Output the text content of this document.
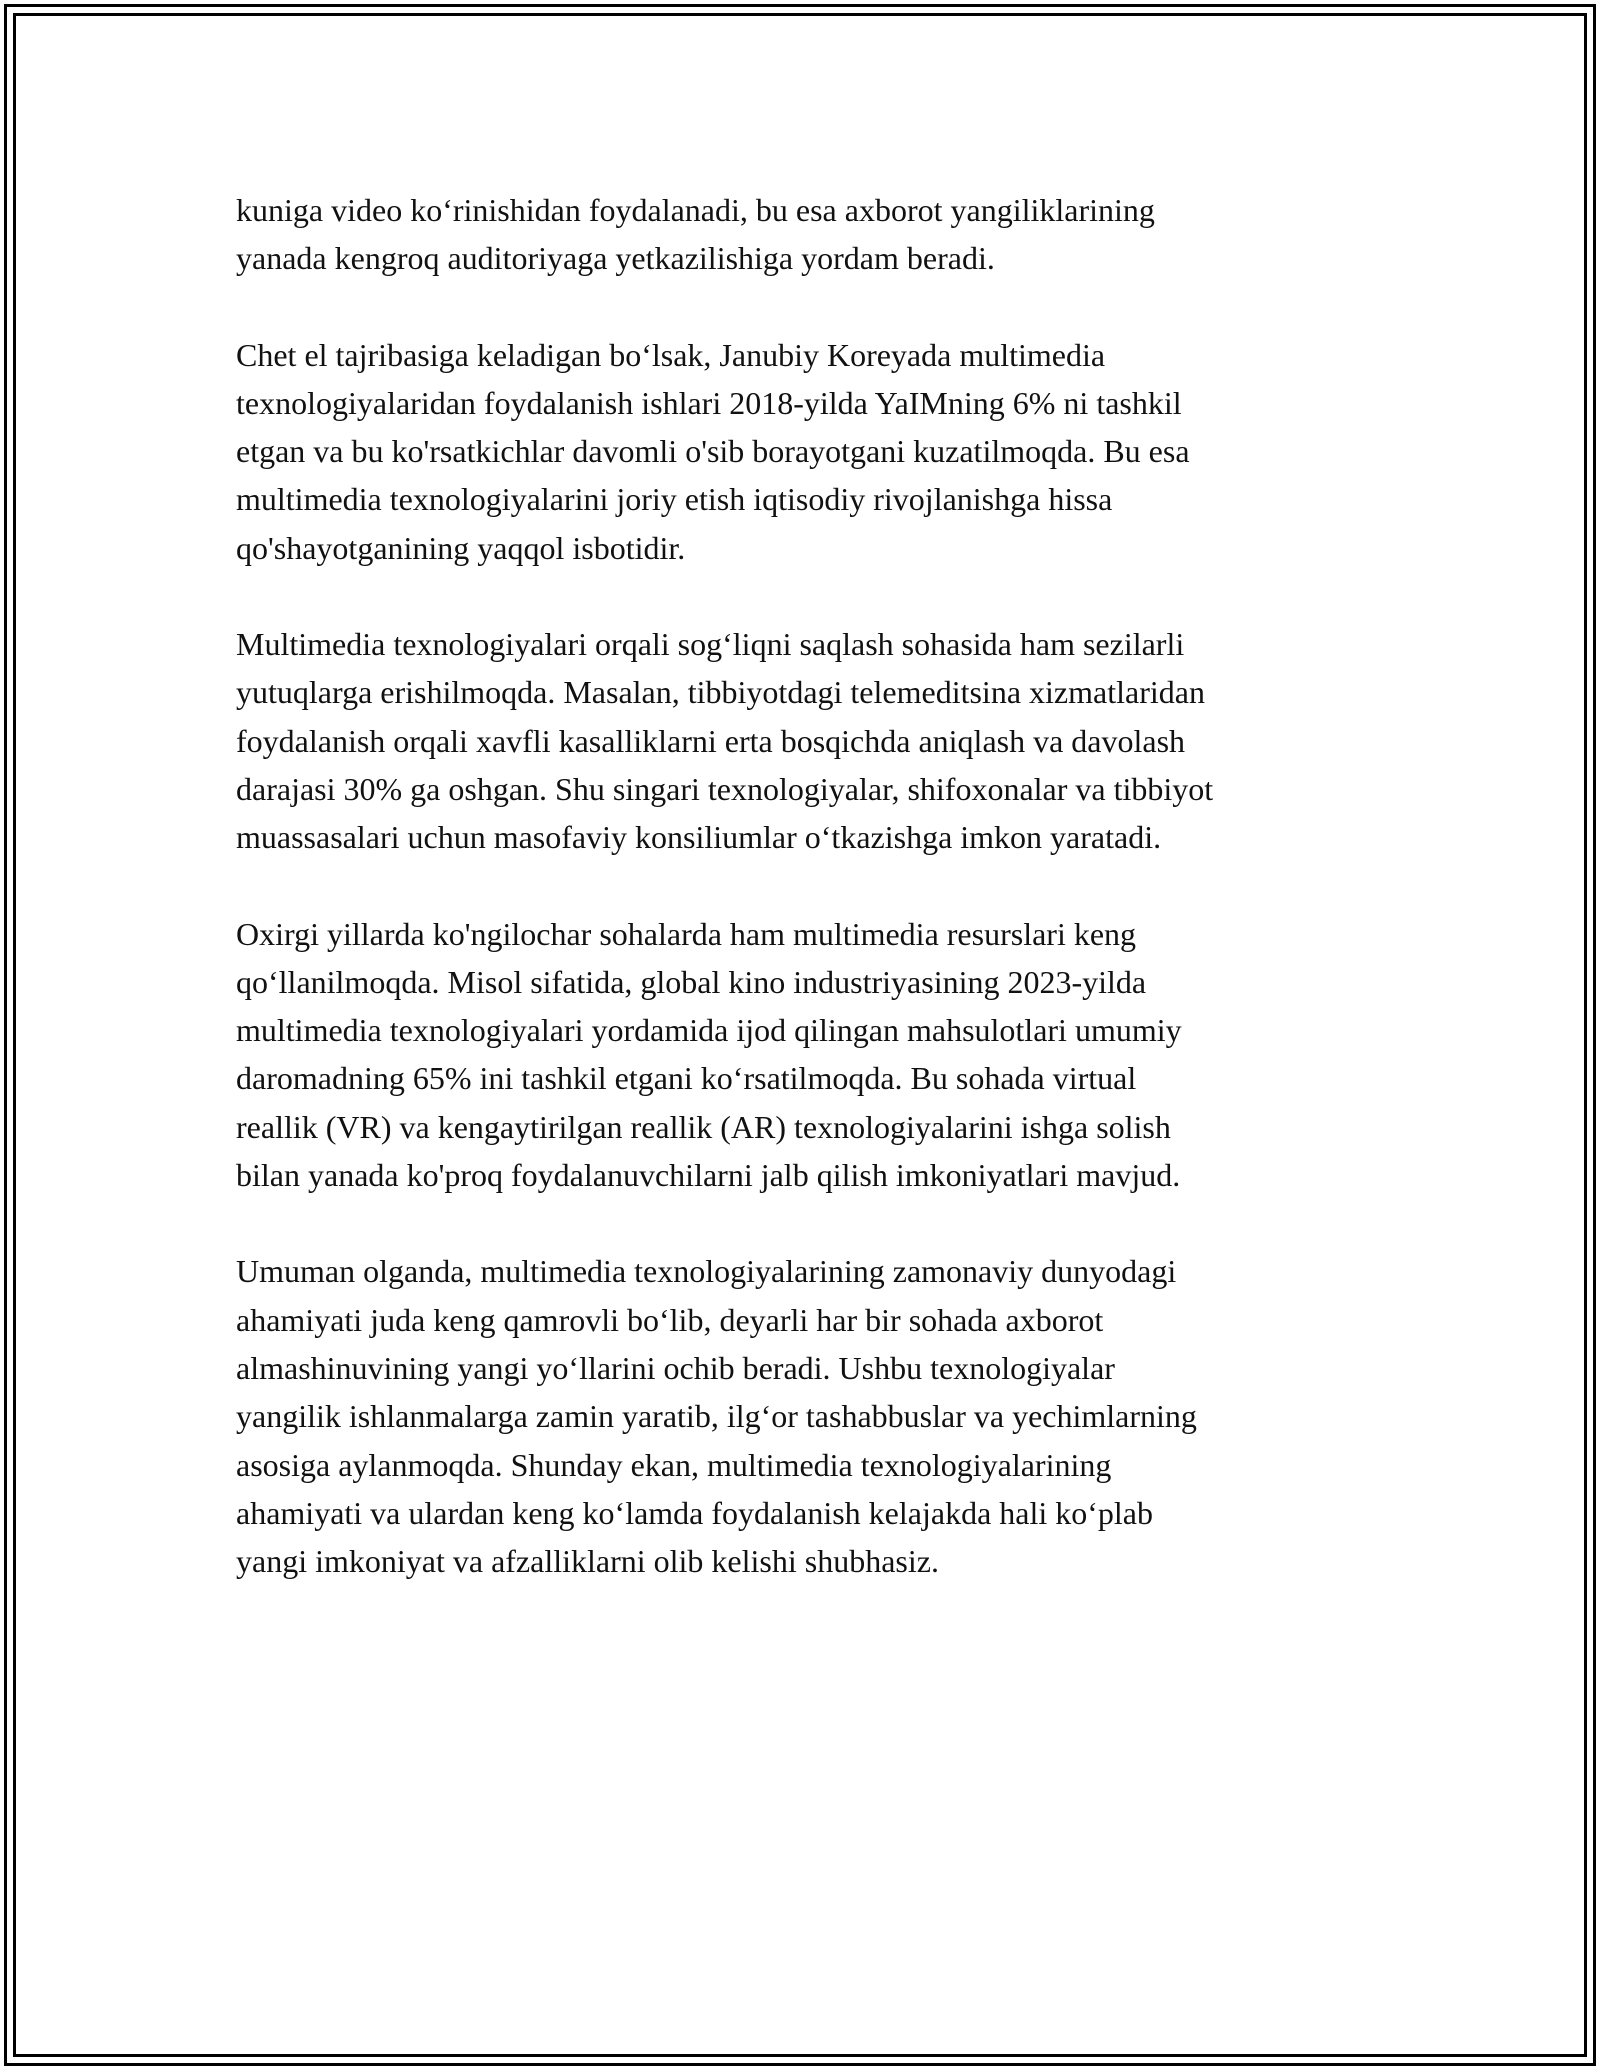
kuniga video ko‘rinishidan foydalanadi, bu esa axborot yangiliklarining
yanada kengroq auditoriyaga yetkazilishiga yordam beradi.

Chet el tajribasiga keladigan bo‘lsak, Janubiy Koreyada multimedia
texnologiyalaridan foydalanish ishlari 2018-yilda YaIMning 6% ni tashkil
etgan va bu ko'rsatkichlar davomli o'sib borayotgani kuzatilmoqda. Bu esa
multimedia texnologiyalarini joriy etish iqtisodiy rivojlanishga hissa
qo'shayotganining yaqqol isbotidir.

Multimedia texnologiyalari orqali sog‘liqni saqlash sohasida ham sezilarli
yutuqlarga erishilmoqda. Masalan, tibbiyotdagi telemeditsina xizmatlaridan
foydalanish orqali xavfli kasalliklarni erta bosqichda aniqlash va davolash
darajasi 30% ga oshgan. Shu singari texnologiyalar, shifoxonalar va tibbiyot
muassasalari uchun masofaviy konsiliumlar o‘tkazishga imkon yaratadi.

Oxirgi yillarda ko'ngilochar sohalarda ham multimedia resurslari keng
qo‘llanilmoqda. Misol sifatida, global kino industriyasining 2023-yilda
multimedia texnologiyalari yordamida ijod qilingan mahsulotlari umumiy
daromadning 65% ini tashkil etgani ko‘rsatilmoqda. Bu sohada virtual
reallik (VR) va kengaytirilgan reallik (AR) texnologiyalarini ishga solish
bilan yanada ko'proq foydalanuvchilarni jalb qilish imkoniyatlari mavjud.

Umuman olganda, multimedia texnologiyalarining zamonaviy dunyodagi
ahamiyati juda keng qamrovli bo‘lib, deyarli har bir sohada axborot
almashinuvining yangi yo‘llarini ochib beradi. Ushbu texnologiyalar
yangilik ishlanmalarga zamin yaratib, ilg‘or tashabbuslar va yechimlarning
asosiga aylanmoqda. Shunday ekan, multimedia texnologiyalarining
ahamiyati va ulardan keng ko‘lamda foydalanish kelajakda hali ko‘plab
yangi imkoniyat va afzalliklarni olib kelishi shubhasiz.
